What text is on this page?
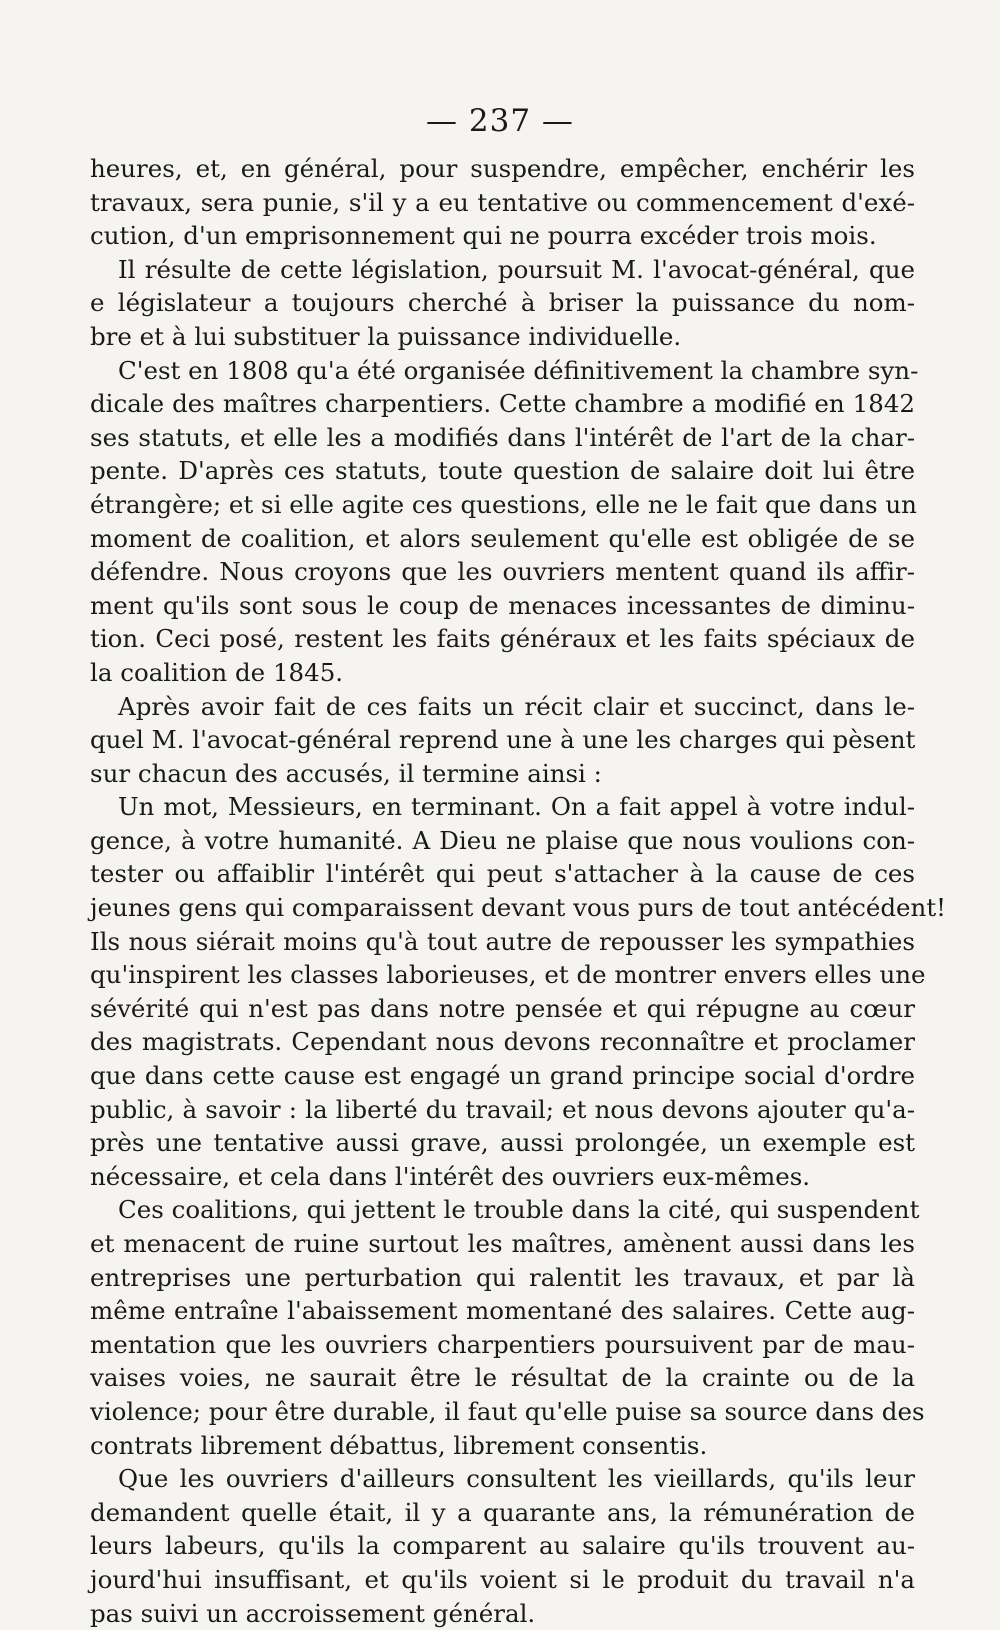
— 237 —
heures, et, en général, pour suspendre, empêcher, enchérir les
travaux, sera punie, s'il y a eu tentative ou commencement d'exé-
cution, d'un emprisonnement qui ne pourra excéder trois mois.
Il résulte de cette législation, poursuit M. l'avocat-général, que
e législateur a toujours cherché à briser la puissance du nom-
bre et à lui substituer la puissance individuelle.
C'est en 1808 qu'a été organisée définitivement la chambre syn-
dicale des maîtres charpentiers. Cette chambre a modifié en 1842
ses statuts, et elle les a modifiés dans l'intérêt de l'art de la char-
pente. D'après ces statuts, toute question de salaire doit lui être
étrangère; et si elle agite ces questions, elle ne le fait que dans un
moment de coalition, et alors seulement qu'elle est obligée de se
défendre. Nous croyons que les ouvriers mentent quand ils affir-
ment qu'ils sont sous le coup de menaces incessantes de diminu-
tion. Ceci posé, restent les faits généraux et les faits spéciaux de
la coalition de 1845.
Après avoir fait de ces faits un récit clair et succinct, dans le-
quel M. l'avocat-général reprend une à une les charges qui pèsent
sur chacun des accusés, il termine ainsi :
Un mot, Messieurs, en terminant. On a fait appel à votre indul-
gence, à votre humanité. A Dieu ne plaise que nous voulions con-
tester ou affaiblir l'intérêt qui peut s'attacher à la cause de ces
jeunes gens qui comparaissent devant vous purs de tout antécédent!
Ils nous siérait moins qu'à tout autre de repousser les sympathies
qu'inspirent les classes laborieuses, et de montrer envers elles une
sévérité qui n'est pas dans notre pensée et qui répugne au cœur
des magistrats. Cependant nous devons reconnaître et proclamer
que dans cette cause est engagé un grand principe social d'ordre
public, à savoir : la liberté du travail; et nous devons ajouter qu'a-
près une tentative aussi grave, aussi prolongée, un exemple est
nécessaire, et cela dans l'intérêt des ouvriers eux-mêmes.
Ces coalitions, qui jettent le trouble dans la cité, qui suspendent
et menacent de ruine surtout les maîtres, amènent aussi dans les
entreprises une perturbation qui ralentit les travaux, et par là
même entraîne l'abaissement momentané des salaires. Cette aug-
mentation que les ouvriers charpentiers poursuivent par de mau-
vaises voies, ne saurait être le résultat de la crainte ou de la
violence; pour être durable, il faut qu'elle puise sa source dans des
contrats librement débattus, librement consentis.
Que les ouvriers d'ailleurs consultent les vieillards, qu'ils leur
demandent quelle était, il y a quarante ans, la rémunération de
leurs labeurs, qu'ils la comparent au salaire qu'ils trouvent au-
jourd'hui insuffisant, et qu'ils voient si le produit du travail n'a
pas suivi un accroissement général.
